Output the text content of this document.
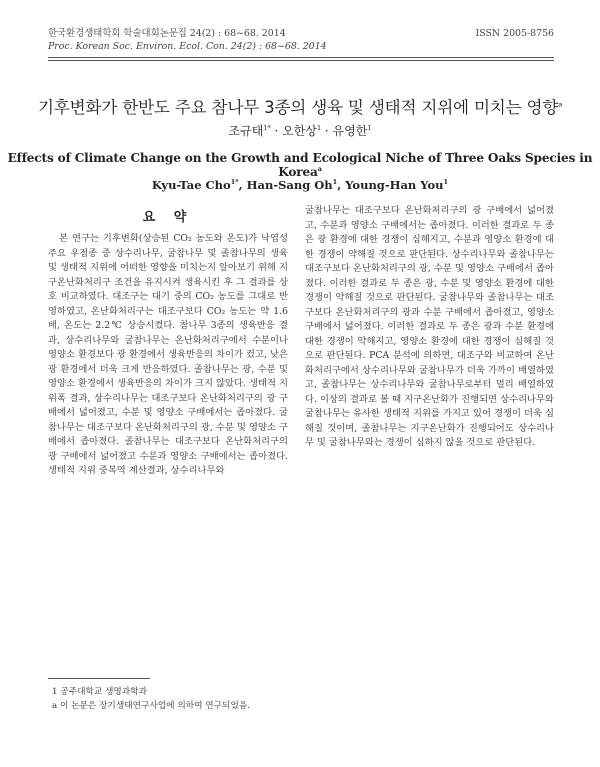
한국환경생태학회 학술대회논문집 24(2) : 68~68. 2014	ISSN 2005-8756
Proc. Korean Soc. Environ. Ecol. Con. 24(2) : 68~68. 2014
기후변화가 한반도 주요 참나무 3종의 생육 및 생태적 지위에 미치는 영향$^a$
조규태$^{1*}$ · 오한상$^1$ · 유영한$^1$
Effects of Climate Change on the Growth and Ecological Niche of Three Oaks Species in Korea$^a$
Kyu-Tae Cho$^{1*}$, Han-Sang Oh$^1$, Young-Han You$^1$
요 약

본 연구는 기후변화(상승된 CO₂ 농도와 온도)가 낙엽성 주요 우점종 중 상수리나무, 굴참나무 및 졸참나무의 생육 및 생태적 지위에 어떠한 영향을 미치는지 알아보기 위해 지구온난화처리구 조건을 유지시켜 생육시킨 후 그 결과를 상호 비교하였다. 대조구는 대기 중의 CO₂ 농도를 그대로 반영하였고, 온난화처리구는 대조구보다 CO₂ 농도는 약 1.6배, 온도는 2.2℃ 상승시켰다. 참나무 3종의 생육반응 결과, 상수리나무와 굴참나무는 온난화처리구에서 수분이나 영양소 환경보다 광 환경에서 생육반응의 차이가 컸고, 낮은 광 환경에서 더욱 크게 반응하였다. 졸참나무는 광, 수분 및 영양소 환경에서 생육반응의 차이가 크지 않았다. 생태적 지위폭 결과, 상수리나무는 대조구보다 온난화처리구의 광 구배에서 넓어졌고, 수분 및 영양소 구배에서는 좁아졌다. 굴참나무는 대조구보다 온난화처리구의 광, 수분 및 영양소 구배에서 좁아졌다. 졸참나무는 대조구보다 온난화처리구의 광 구배에서 넓어졌고 수분과 영양소 구배에서는 좁아졌다. 생태적 지위 중복역 계산결과, 상수리나무와

굴참나무는 대조구보다 온난화처리구의 광 구배에서 넓어졌고, 수분과 영양소 구배에서는 좁아졌다. 이러한 결과로 두 종은 광 환경에 대한 경쟁이 심해지고, 수분과 영양소 환경에 대한 경쟁이 약해질 것으로 판단된다. 상수리나무와 졸참나무는 대조구보다 온난화처리구의 광, 수분 및 영양소 구배에서 좁아졌다. 이러한 결과로 두 종은 광, 수분 및 영양소 환경에 대한 경쟁이 약해질 것으로 판단된다. 굴참나무와 졸참나무는 대조구보다 온난화처리구의 광과 수분 구배에서 좁아졌고, 영양소 구배에서 넓어졌다. 이러한 결과로 두 종은 광과 수분 환경에 대한 경쟁이 약해지고, 영양소 환경에 대한 경쟁이 심해질 것으로 판단된다. PCA 분석에 의하면, 대조구와 비교하여 온난화처리구에서 상수리나무와 굴참나무가 더욱 가까이 배열하였고, 졸참나무는 상수리나무와 굴참나무로부터 멀리 배열하였다. 이상의 결과로 볼 때 지구온난화가 진행되면 상수리나무와 굴참나무는 유사한 생태적 지위를 가지고 있어 경쟁이 더욱 심해질 것이며, 졸참나무는 지구온난화가 진행되어도 상수리나무 및 굴참나무와는 경쟁이 심하지 않을 것으로 판단된다.

1 공주대학교 생명과학과
a 이 논문은 장기생태연구사업에 의하여 연구되었음.
